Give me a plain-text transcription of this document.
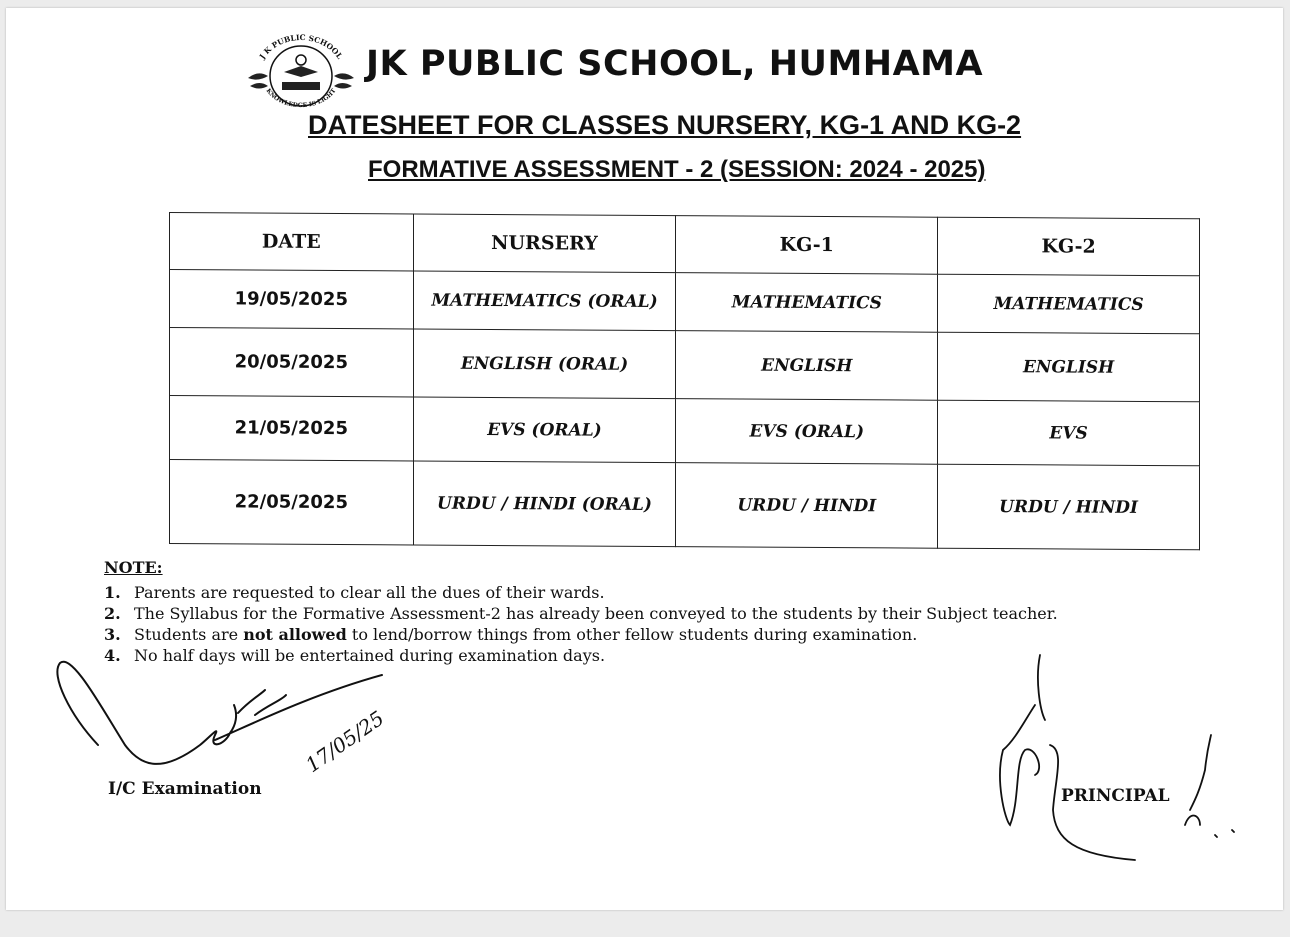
J K PUBLIC SCHOOL
KNOWLEDGE IS LIGHT
JK PUBLIC SCHOOL, HUMHAMA
DATESHEET FOR CLASSES NURSERY, KG-1 AND KG-2
FORMATIVE ASSESSMENT - 2 (SESSION: 2024 - 2025)
DATE	NURSERY	KG-1	KG-2
19/05/2025	MATHEMATICS (ORAL)	MATHEMATICS	MATHEMATICS
20/05/2025	ENGLISH (ORAL)	ENGLISH	ENGLISH
21/05/2025	EVS (ORAL)	EVS (ORAL)	EVS
22/05/2025	URDU / HINDI (ORAL)	URDU / HINDI	URDU / HINDI
NOTE:
1. Parents are requested to clear all the dues of their wards.
2. The Syllabus for the Formative Assessment-2 has already been conveyed to the students by their Subject teacher.
3. Students are not allowed to lend/borrow things from other fellow students during examination.
4. No half days will be entertained during examination days.
17/05/25
I/C Examination	PRINCIPAL
